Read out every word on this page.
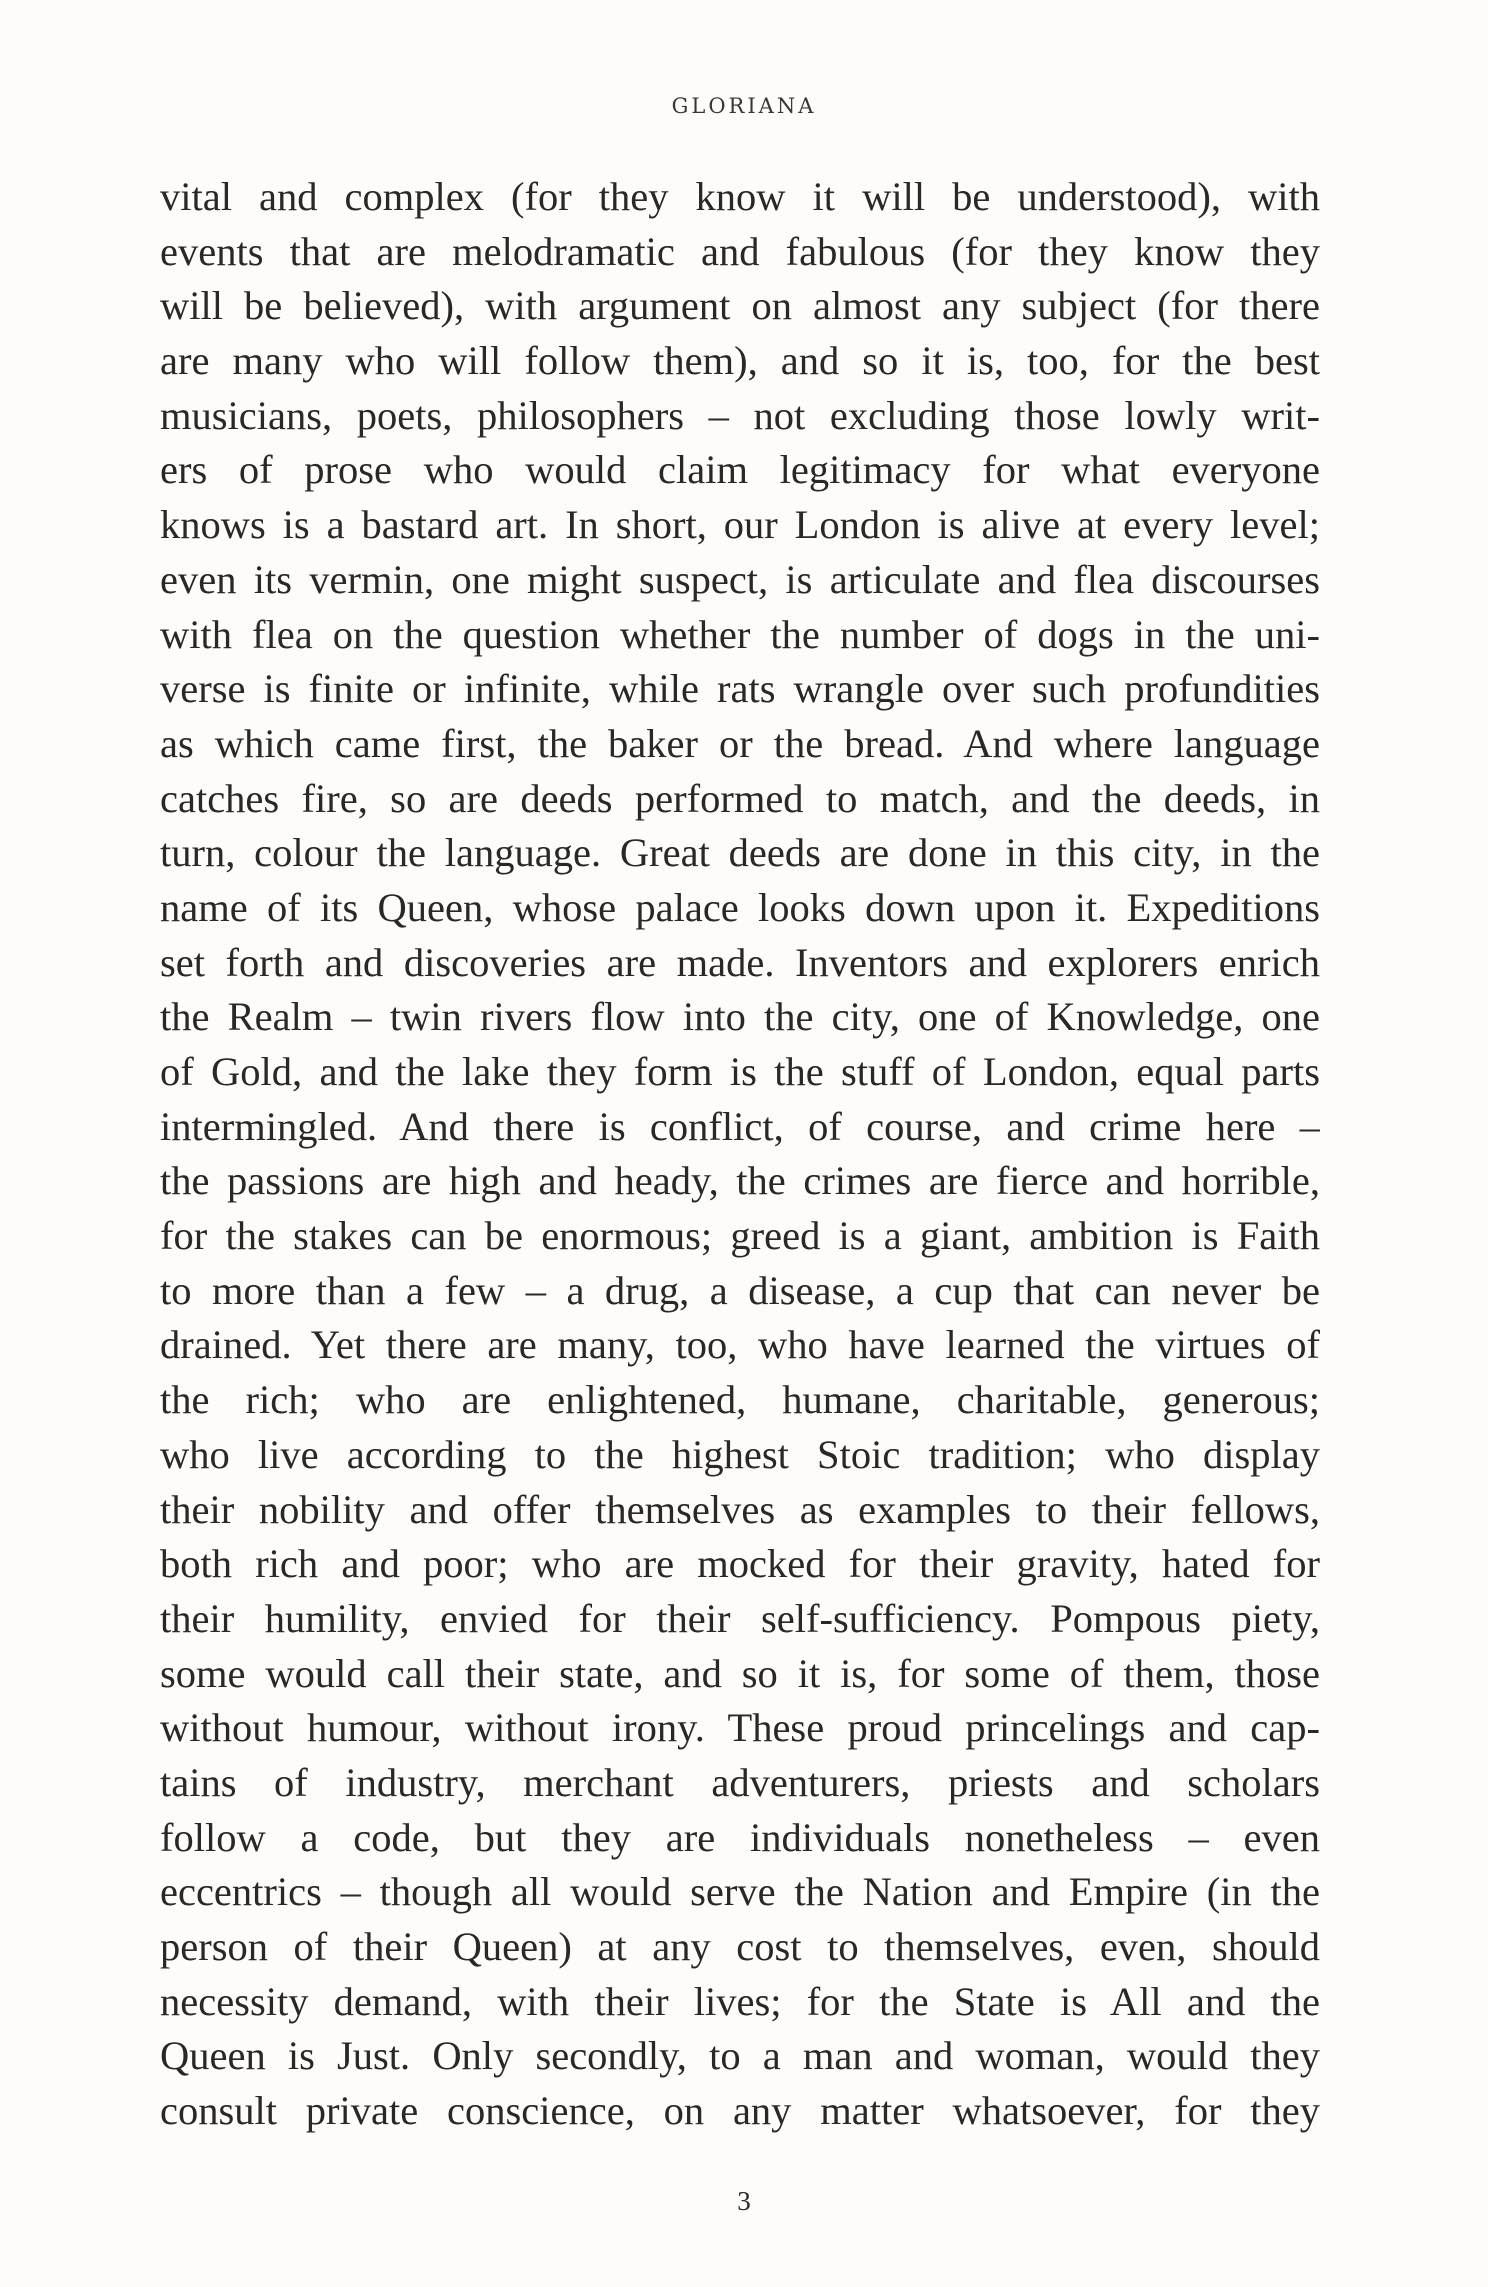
GLORIANA
vital and complex (for they know it will be understood), with
events that are melodramatic and fabulous (for they know they
will be believed), with argument on almost any subject (for there
are many who will follow them), and so it is, too, for the best
musicians, poets, philosophers – not excluding those lowly writ-
ers of prose who would claim legitimacy for what everyone
knows is a bastard art. In short, our London is alive at every level;
even its vermin, one might suspect, is articulate and flea discourses
with flea on the question whether the number of dogs in the uni-
verse is finite or infinite, while rats wrangle over such profundities
as which came first, the baker or the bread. And where language
catches fire, so are deeds performed to match, and the deeds, in
turn, colour the language. Great deeds are done in this city, in the
name of its Queen, whose palace looks down upon it. Expeditions
set forth and discoveries are made. Inventors and explorers enrich
the Realm – twin rivers flow into the city, one of Knowledge, one
of Gold, and the lake they form is the stuff of London, equal parts
intermingled. And there is conflict, of course, and crime here –
the passions are high and heady, the crimes are fierce and horrible,
for the stakes can be enormous; greed is a giant, ambition is Faith
to more than a few – a drug, a disease, a cup that can never be
drained. Yet there are many, too, who have learned the virtues of
the rich; who are enlightened, humane, charitable, generous;
who live according to the highest Stoic tradition; who display
their nobility and offer themselves as examples to their fellows,
both rich and poor; who are mocked for their gravity, hated for
their humility, envied for their self-sufficiency. Pompous piety,
some would call their state, and so it is, for some of them, those
without humour, without irony. These proud princelings and cap-
tains of industry, merchant adventurers, priests and scholars
follow a code, but they are individuals nonetheless – even
eccentrics – though all would serve the Nation and Empire (in the
person of their Queen) at any cost to themselves, even, should
necessity demand, with their lives; for the State is All and the
Queen is Just. Only secondly, to a man and woman, would they
consult private conscience, on any matter whatsoever, for they
3
